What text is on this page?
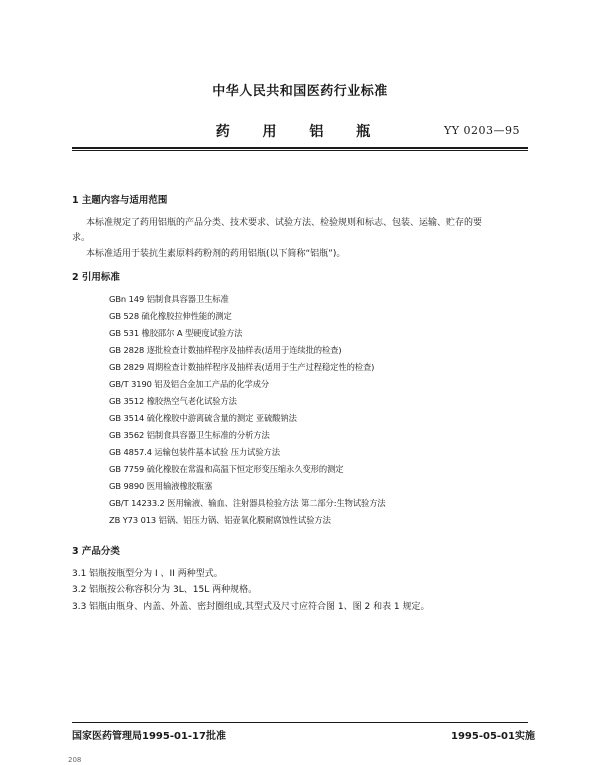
中华人民共和国医药行业标准
药 用 铝 瓶	YY 0203—95
1 主题内容与适用范围
本标准规定了药用铝瓶的产品分类、技术要求、试验方法、检验规则和标志、包装、运输、贮存的要
求。
本标准适用于装抗生素原料药粉剂的药用铝瓶(以下简称“铝瓶”)。
2 引用标准
GBn 149 铝制食具容器卫生标准
GB 528 硫化橡胶拉伸性能的测定
GB 531 橡胶邵尔 A 型硬度试验方法
GB 2828 逐批检查计数抽样程序及抽样表(适用于连续批的检查)
GB 2829 周期检查计数抽样程序及抽样表(适用于生产过程稳定性的检查)
GB/T 3190 铝及铝合金加工产品的化学成分
GB 3512 橡胶热空气老化试验方法
GB 3514 硫化橡胶中游离硫含量的测定 亚硫酸钠法
GB 3562 铝制食具容器卫生标准的分析方法
GB 4857.4 运输包装件基本试验 压力试验方法
GB 7759 硫化橡胶在常温和高温下恒定形变压缩永久变形的测定
GB 9890 医用输液橡胶瓶塞
GB/T 14233.2 医用输液、输血、注射器具检验方法 第二部分:生物试验方法
ZB Y73 013 铝锅、铝压力锅、铝壶氧化膜耐腐蚀性试验方法
3 产品分类
3.1 铝瓶按瓶型分为 I 、II 两种型式。
3.2 铝瓶按公称容积分为 3L、15L 两种规格。
3.3 铝瓶由瓶身、内盖、外盖、密封圈组成,其型式及尺寸应符合图 1、图 2 和表 1 规定。
国家医药管理局1995-01-17批准	1995-05-01实施
208
